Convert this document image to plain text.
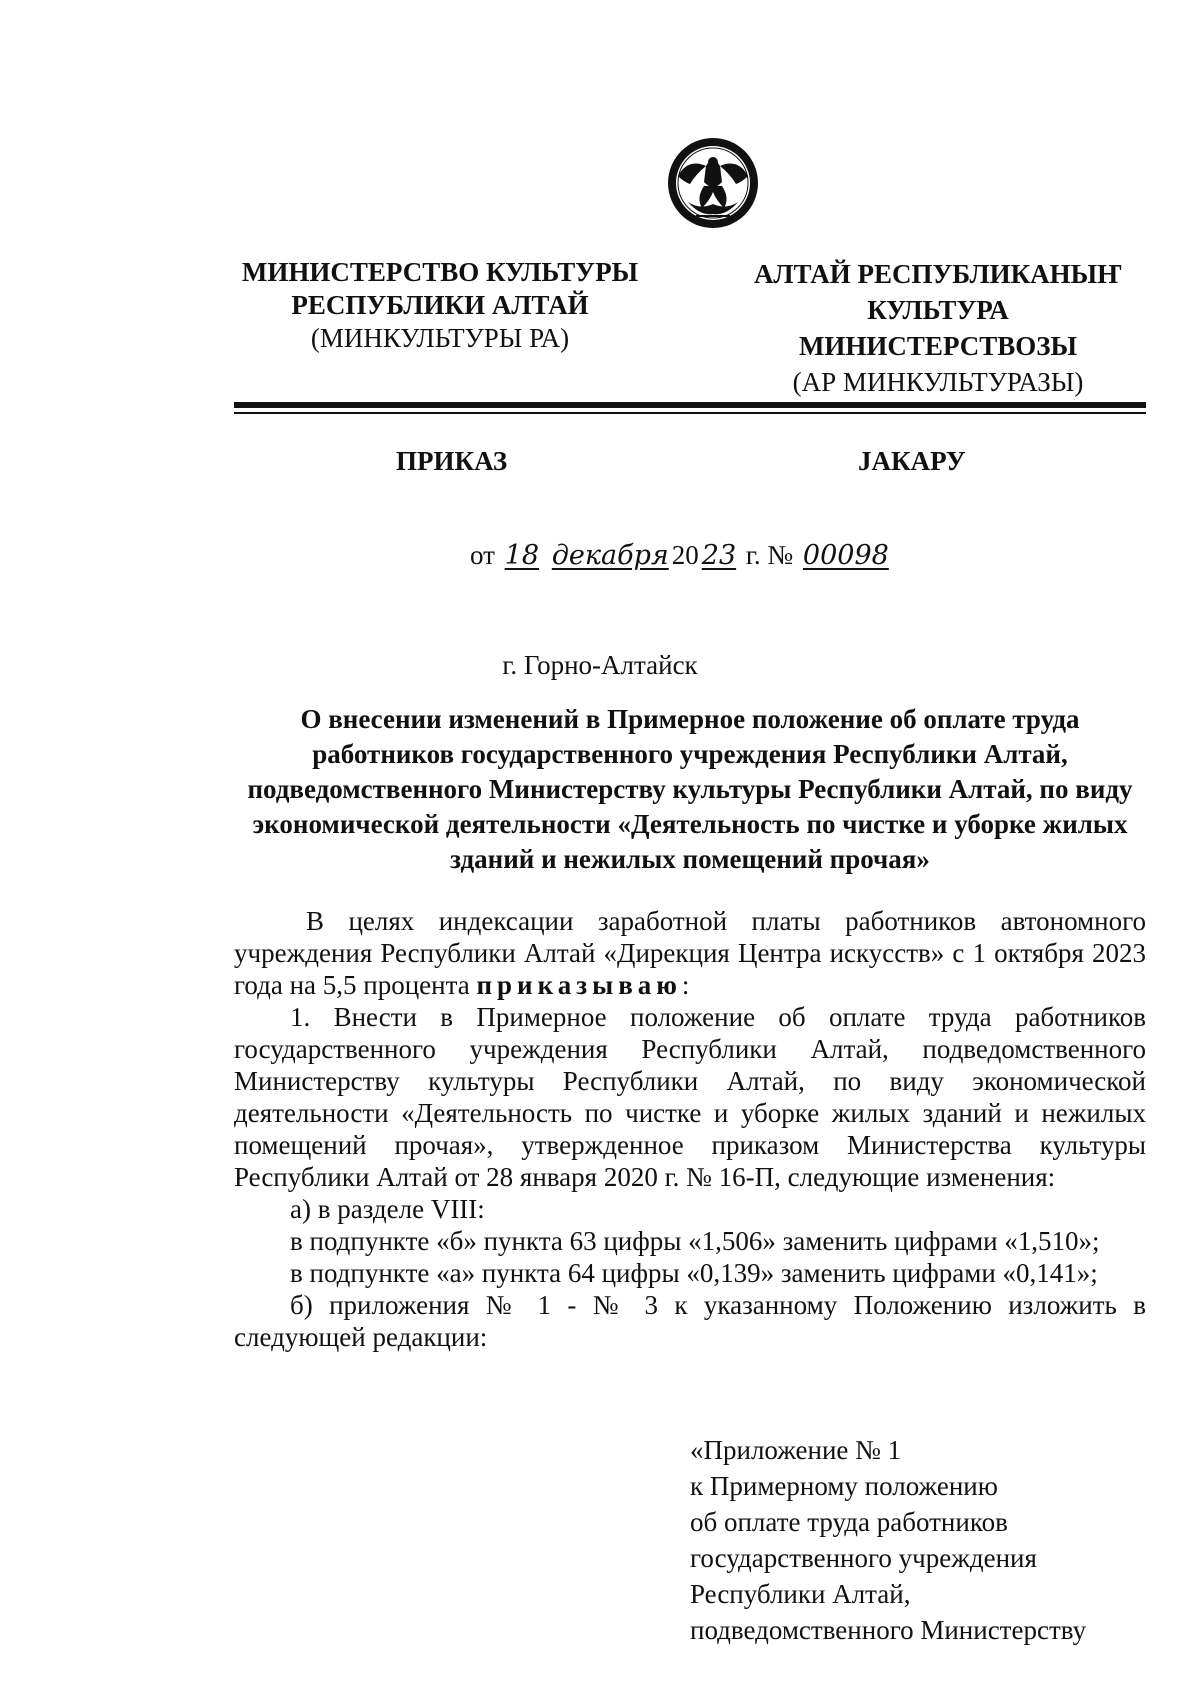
МИНИСТЕРСТВО КУЛЬТУРЫ
РЕСПУБЛИКИ АЛТАЙ
(МИНКУЛЬТУРЫ РА)
АЛТАЙ РЕСПУБЛИКАНЫҤ
КУЛЬТУРА
МИНИСТЕРСТВОЗЫ
(АР МИНКУЛЬТУРАЗЫ)
ПРИКАЗ	ЈАКАРУ
от 18 декабря 20 23 г. № 00098
г. Горно-Алтайск
О внесении изменений в Примерное положение об оплате труда работников государственного учреждения Республики Алтай, подведомственного Министерству культуры Республики Алтай, по виду экономической деятельности «Деятельность по чистке и уборке жилых зданий и нежилых помещений прочая»

В целях индексации заработной платы работников автономного учреждения Республики Алтай «Дирекция Центра искусств» с 1 октября 2023 года на 5,5 процента приказываю:

1. Внести в Примерное положение об оплате труда работников государственного учреждения Республики Алтай, подведомственного Министерству культуры Республики Алтай, по виду экономической деятельности «Деятельность по чистке и уборке жилых зданий и нежилых помещений прочая», утвержденное приказом Министерства культуры Республики Алтай от 28 января 2020 г. № 16-П, следующие изменения:

а) в разделе VIII:

в подпункте «б» пункта 63 цифры «1,506» заменить цифрами «1,510»;

в подпункте «а» пункта 64 цифры «0,139» заменить цифрами «0,141»;

б) приложения № 1 - № 3 к указанному Положению изложить в следующей редакции:

«Приложение № 1
к Примерному положению
об оплате труда работников
государственного учреждения
Республики Алтай,
подведомственного Министерству
